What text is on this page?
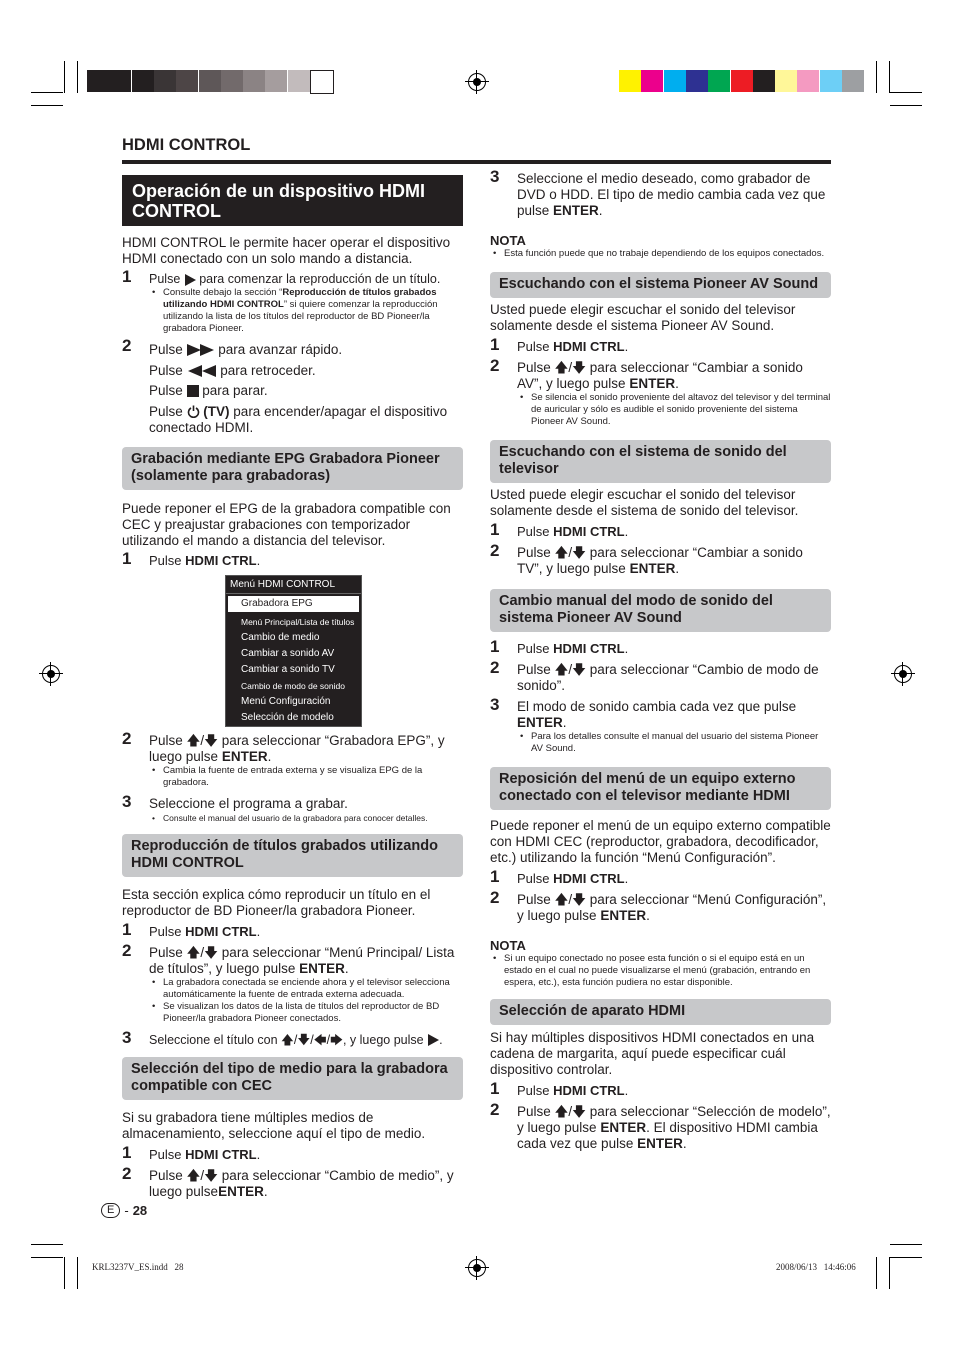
HDMI CONTROL
Operación de un dispositivo HDMI CONTROL

HDMI CONTROL le permite hacer operar el dispositivo HDMI conectado con un solo mando a distancia.

1 Pulse  para comenzar la reproducción de un título.
• Consulte debajo la sección “Reproducción de títulos grabados utilizando HDMI CONTROL” si quiere comenzar la reproducción utilizando la lista de los títulos del reproductor de BD Pioneer/la grabadora Pioneer.
2 Pulse  para avanzar rápido.
Pulse  para retroceder.
Pulse  para parar.
Pulse  (TV) para encender/apagar el dispositivo conectado HDMI.
Grabación mediante EPG Grabadora Pioneer (solamente para grabadoras)

Puede reponer el EPG de la grabadora compatible con CEC y preajustar grabaciones con temporizador utilizando el mando a distancia del televisor.

1 Pulse HDMI CTRL.
Menú HDMI CONTROL
Grabadora EPG
Menú Principal/Lista de títulos
Cambio de medio
Cambiar a sonido AV
Cambiar a sonido TV
Cambio de modo de sonido
Menú Configuración
Selección de modelo
2 Pulse 🡅/🡇 para seleccionar “Grabadora EPG”, y luego pulse ENTER.
• Cambia la fuente de entrada externa y se visualiza EPG de la grabadora.
3 Seleccione el programa a grabar.
• Consulte el manual del usuario de la grabadora para conocer detalles.
Reproducción de títulos grabados utilizando HDMI CONTROL

Esta sección explica cómo reproducir un título en el reproductor de BD Pioneer/la grabadora Pioneer.

1 Pulse HDMI CTRL.
2 Pulse 🡅/🡇 para seleccionar “Menú Principal/ Lista de títulos”, y luego pulse ENTER.
• La grabadora conectada se enciende ahora y el televisor selecciona automáticamente la fuente de entrada externa adecuada.
• Se visualizan los datos de la lista de títulos del reproductor de BD Pioneer/la grabadora Pioneer conectados.
3 Seleccione el título con 🡅/🡇/🡄/🡆, y luego pulse .
Selección del tipo de medio para la grabadora compatible con CEC

Si su grabadora tiene múltiples medios de almacenamiento, seleccione aquí el tipo de medio.

1 Pulse HDMI CTRL.
2 Pulse 🡅/🡇 para seleccionar “Cambio de medio”, y luego pulseENTER.
3 Seleccione el medio deseado, como grabador de DVD o HDD. El tipo de medio cambia cada vez que pulse ENTER.
NOTA
• Esta función puede que no trabaje dependiendo de los equipos conectados.
Escuchando con el sistema Pioneer AV Sound

Usted puede elegir escuchar el sonido del televisor solamente desde el sistema Pioneer AV Sound.

1 Pulse HDMI CTRL.
2 Pulse 🡅/🡇 para seleccionar “Cambiar a sonido AV”, y luego pulse ENTER.
• Se silencia el sonido proveniente del altavoz del televisor y del terminal de auricular y sólo es audible el sonido proveniente del sistema Pioneer AV Sound.
Escuchando con el sistema de sonido del televisor

Usted puede elegir escuchar el sonido del televisor solamente desde el sistema de sonido del televisor.

1 Pulse HDMI CTRL.
2 Pulse 🡅/🡇 para seleccionar “Cambiar a sonido TV”, y luego pulse ENTER.
Cambio manual del modo de sonido del sistema Pioneer AV Sound
1 Pulse HDMI CTRL.
2 Pulse 🡅/🡇 para seleccionar “Cambio de modo de sonido”.
3 El modo de sonido cambia cada vez que pulse ENTER.
• Para los detalles consulte el manual del usuario del sistema Pioneer AV Sound.
Reposición del menú de un equipo externo conectado con el televisor mediante HDMI

Puede reponer el menú de un equipo externo compatible con HDMI CEC (reproductor, grabadora, decodificador, etc.) utilizando la función “Menú Configuración”.

1 Pulse HDMI CTRL.
2 Pulse 🡅/🡇 para seleccionar “Menú Configuración”, y luego pulse ENTER.
NOTA
• Si un equipo conectado no posee esta función o si el equipo está en un estado en el cual no puede visualizarse el menú (grabación, entrando en espera, etc.), esta función pudiera no estar disponible.
Selección de aparato HDMI

Si hay múltiples dispositivos HDMI conectados en una cadena de margarita, aquí puede especificar cuál dispositivo controlar.

1 Pulse HDMI CTRL.
2 Pulse 🡅/🡇 para seleccionar “Selección de modelo”, y luego pulse ENTER. El dispositivo HDMI cambia cada vez que pulse ENTER.
E - 28
KRL3237V_ES.indd   28	2008/06/13   14:46:06
